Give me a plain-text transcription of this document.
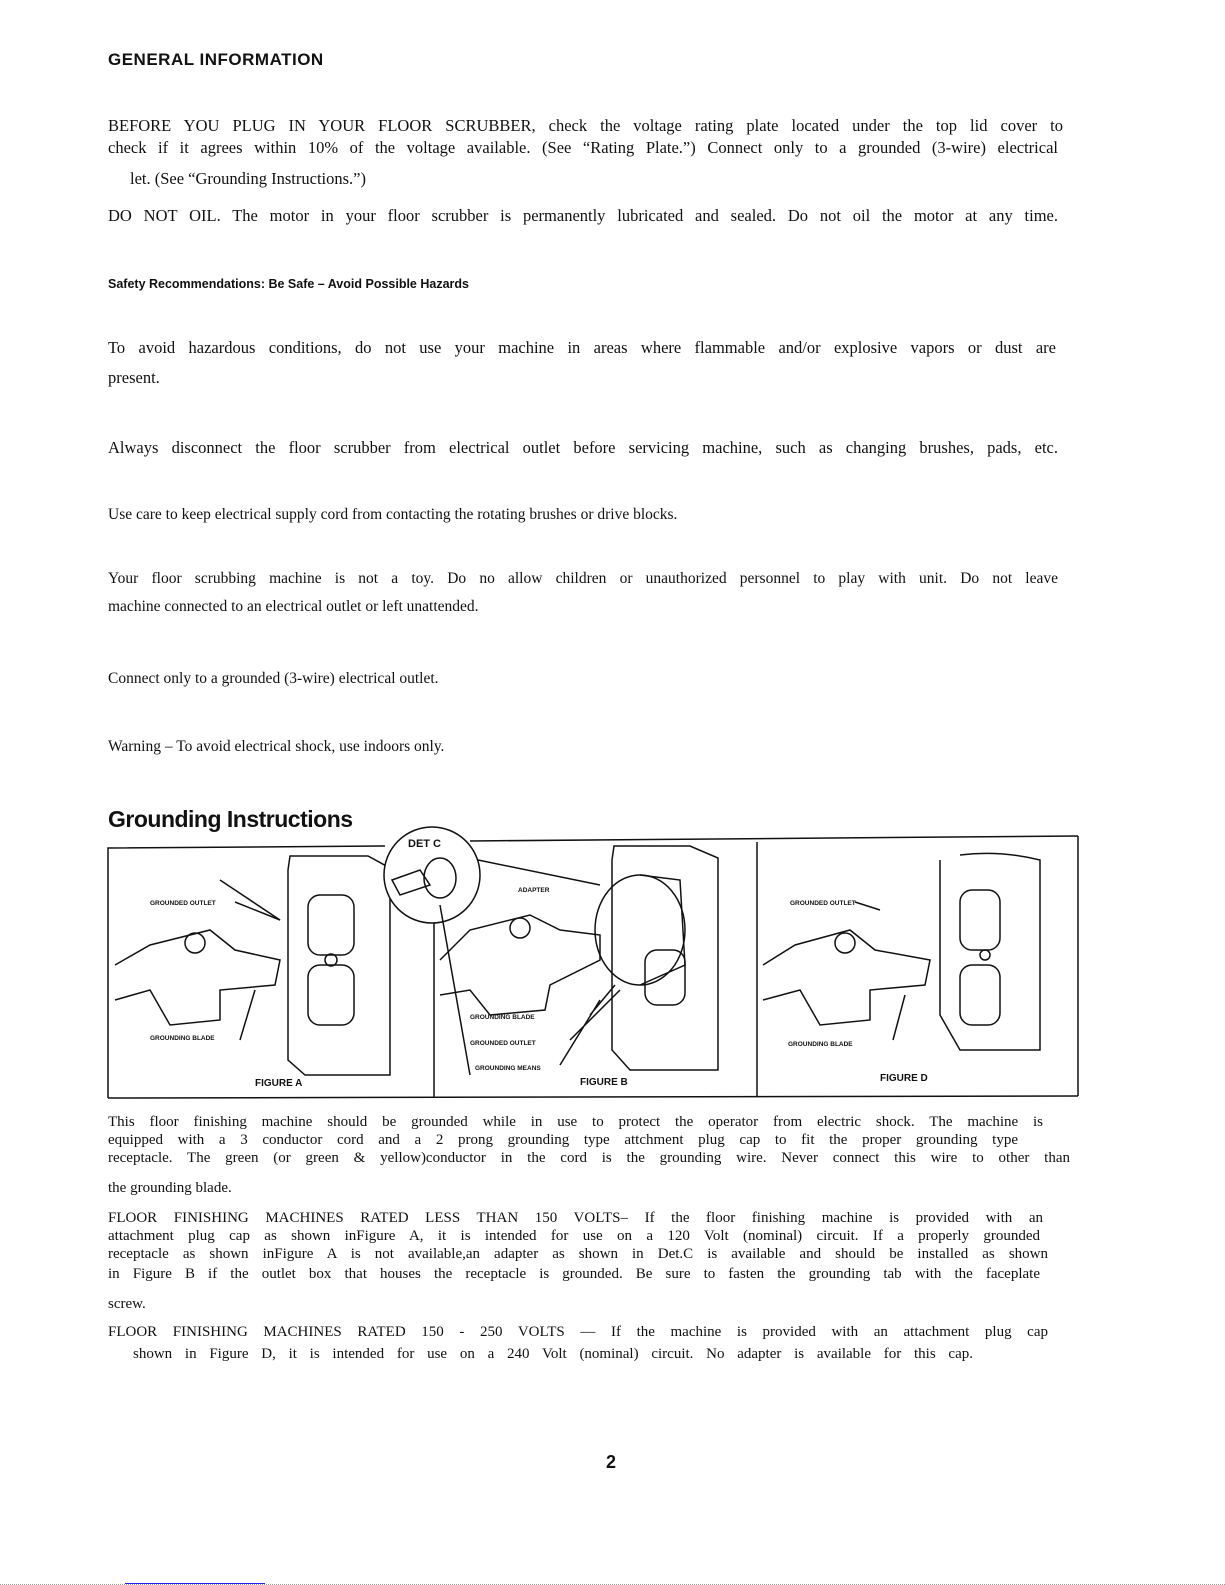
GENERAL INFORMATION
BEFORE YOU PLUG IN YOUR FLOOR SCRUBBER, check the voltage rating plate located under the top lid cover to
check if it agrees within 10% of the voltage available. (See “Rating Plate.”) Connect only to a grounded (3-wire) electrical
let. (See “Grounding Instructions.”)
DO NOT OIL. The motor in your floor scrubber is permanently lubricated and sealed. Do not oil the motor at any time.
Safety Recommendations: Be Safe – Avoid Possible Hazards
To avoid hazardous conditions, do not use your machine in areas where flammable and/or explosive vapors or dust are
present.
Always disconnect the floor scrubber from electrical outlet before servicing machine, such as changing brushes, pads, etc.
Use care to keep electrical supply cord from contacting the rotating brushes or drive blocks.
Your floor scrubbing machine is not a toy. Do no allow children or unauthorized personnel to play with unit. Do not leave
machine connected to an electrical outlet or left unattended.
Connect only to a grounded (3-wire) electrical outlet.
Warning – To avoid electrical shock, use indoors only.
Grounding Instructions
GROUNDED OUTLET
GROUNDING BLADE
FIGURE A
DET C
ADAPTER
GROUNDING BLADE
GROUNDED OUTLET
GROUNDING MEANS
FIGURE B
GROUNDED OUTLET
GROUNDING BLADE
FIGURE D
This floor finishing machine should be grounded while in use to protect the operator from electric shock. The machine is
equipped with a 3 conductor cord and a 2 prong grounding type attchment plug cap to fit the proper grounding type
receptacle. The green (or green & yellow)conductor in the cord is the grounding wire. Never connect this wire to other than
the grounding blade.
FLOOR FINISHING MACHINES RATED LESS THAN 150 VOLTS– If the floor finishing machine is provided with an
attachment plug cap as shown inFigure A, it is intended for use on a 120 Volt (nominal) circuit. If a properly grounded
receptacle as shown inFigure A is not available,an adapter as shown in Det.C is available and should be installed as shown
in Figure B if the outlet box that houses the receptacle is grounded. Be sure to fasten the grounding tab with the faceplate
screw.
FLOOR FINISHING MACHINES RATED 150 - 250 VOLTS — If the machine is provided with an attachment plug cap
shown in Figure D, it is intended for use on a 240 Volt (nominal) circuit. No adapter is available for this cap.
2
